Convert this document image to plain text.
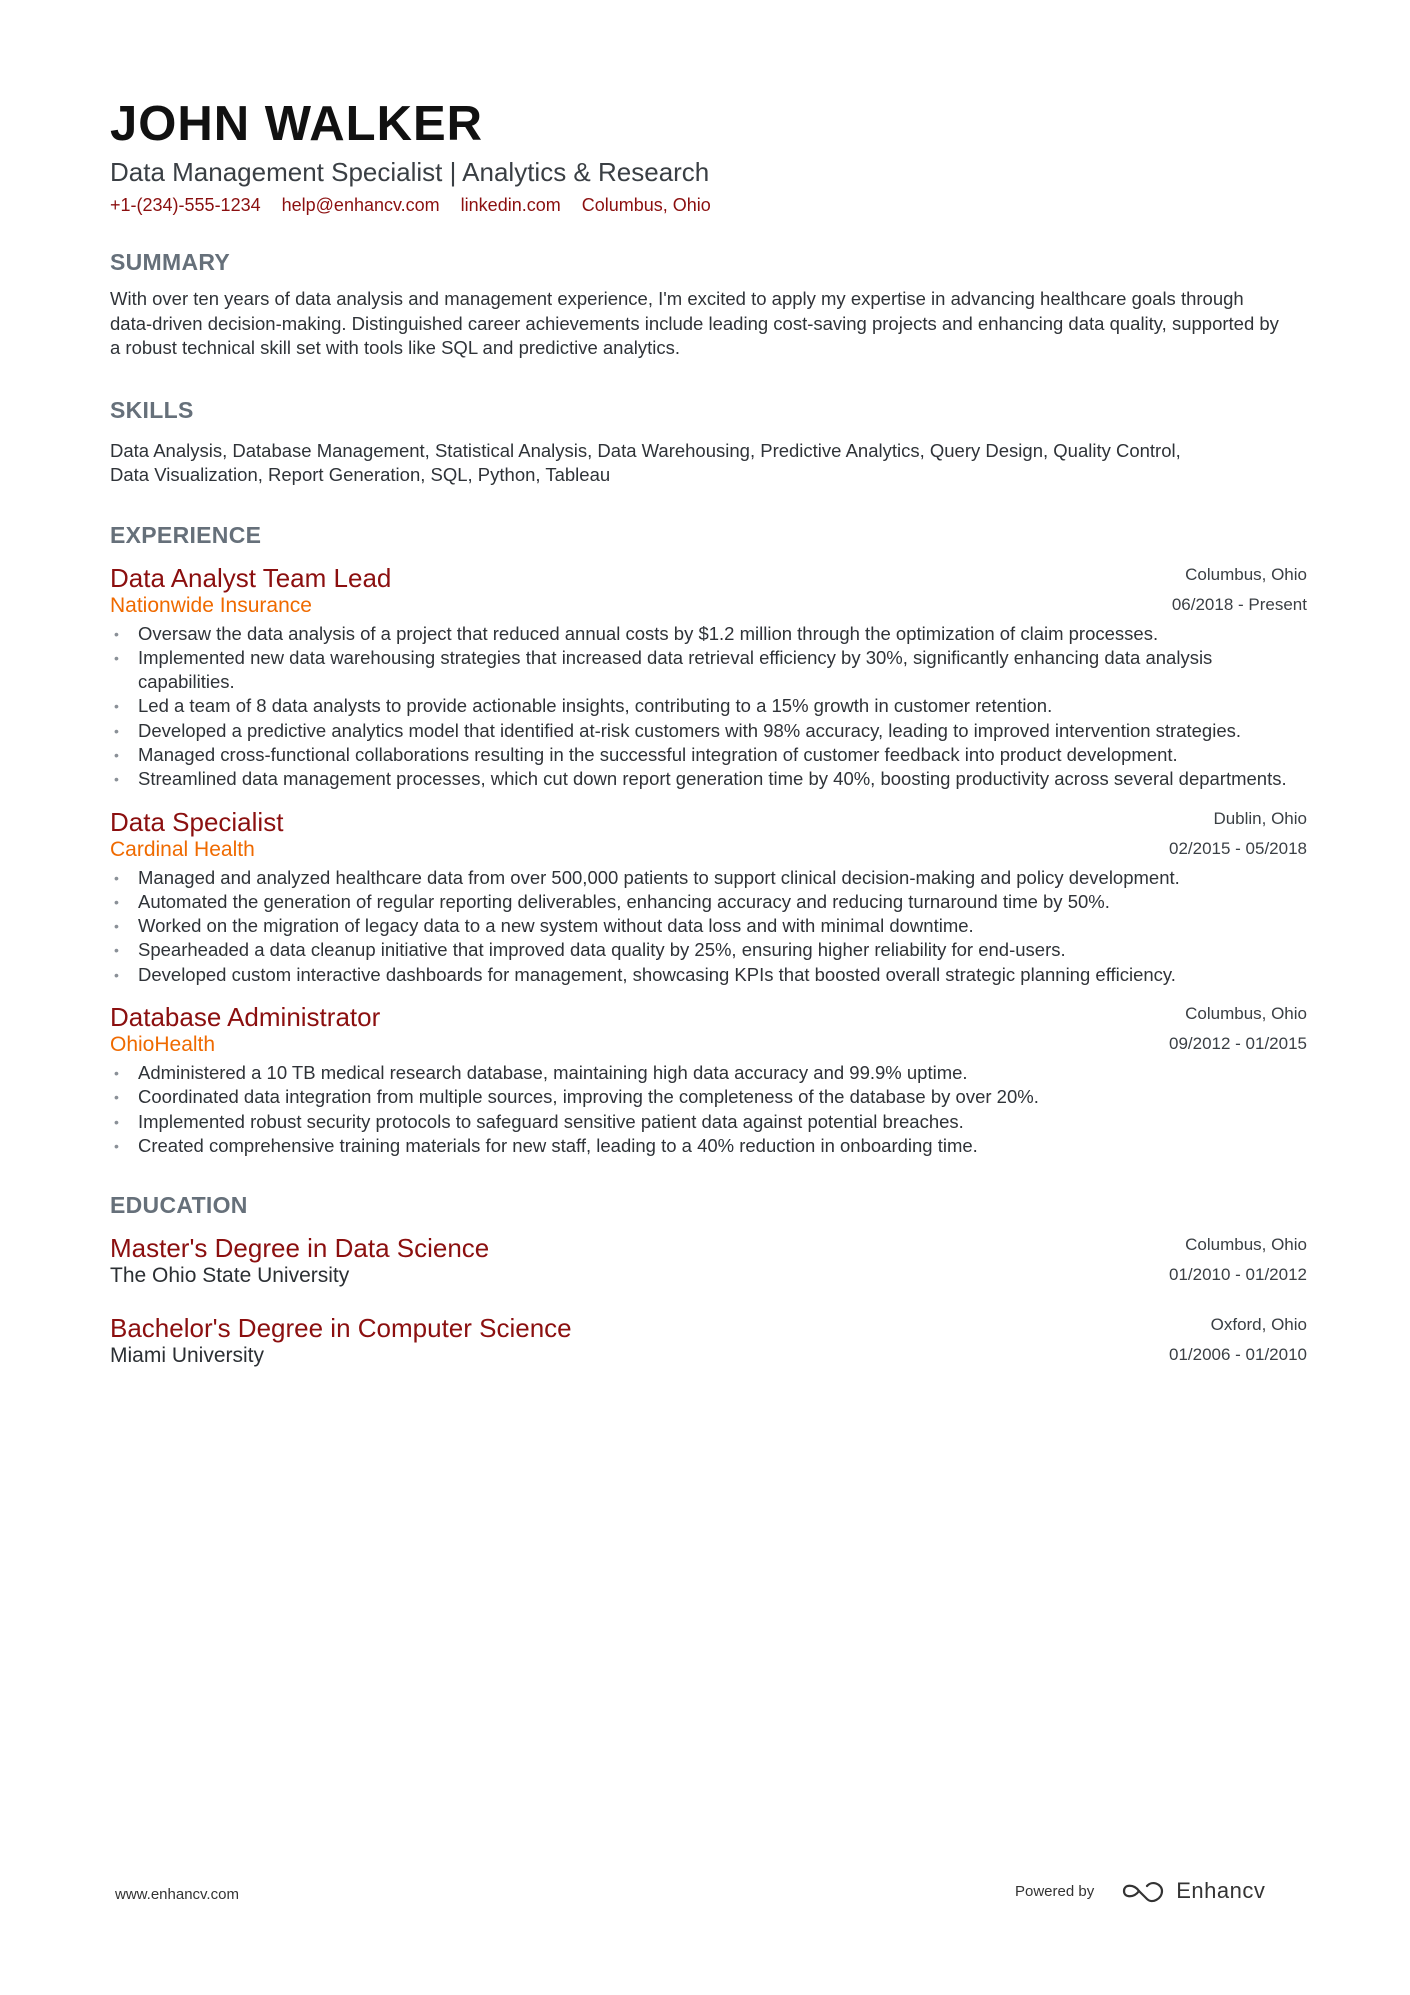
JOHN WALKER
Data Management Specialist | Analytics & Research
+1-(234)-555-1234 help@enhancv.com linkedin.com Columbus, Ohio
SUMMARY
With over ten years of data analysis and management experience, I'm excited to apply my expertise in advancing healthcare goals through data-driven decision-making. Distinguished career achievements include leading cost-saving projects and enhancing data quality, supported by a robust technical skill set with tools like SQL and predictive analytics.
SKILLS
Data Analysis, Database Management, Statistical Analysis, Data Warehousing, Predictive Analytics, Query Design, Quality Control, Data Visualization, Report Generation, SQL, Python, Tableau
EXPERIENCE
Data Analyst Team Lead
Nationwide Insurance
Columbus, Ohio
06/2018 - Present
• Oversaw the data analysis of a project that reduced annual costs by $1.2 million through the optimization of claim processes.
• Implemented new data warehousing strategies that increased data retrieval efficiency by 30%, significantly enhancing data analysis capabilities.
• Led a team of 8 data analysts to provide actionable insights, contributing to a 15% growth in customer retention.
• Developed a predictive analytics model that identified at-risk customers with 98% accuracy, leading to improved intervention strategies.
• Managed cross-functional collaborations resulting in the successful integration of customer feedback into product development.
• Streamlined data management processes, which cut down report generation time by 40%, boosting productivity across several departments.
Data Specialist
Cardinal Health
Dublin, Ohio
02/2015 - 05/2018
• Managed and analyzed healthcare data from over 500,000 patients to support clinical decision-making and policy development.
• Automated the generation of regular reporting deliverables, enhancing accuracy and reducing turnaround time by 50%.
• Worked on the migration of legacy data to a new system without data loss and with minimal downtime.
• Spearheaded a data cleanup initiative that improved data quality by 25%, ensuring higher reliability for end-users.
• Developed custom interactive dashboards for management, showcasing KPIs that boosted overall strategic planning efficiency.
Database Administrator
OhioHealth
Columbus, Ohio
09/2012 - 01/2015
• Administered a 10 TB medical research database, maintaining high data accuracy and 99.9% uptime.
• Coordinated data integration from multiple sources, improving the completeness of the database by over 20%.
• Implemented robust security protocols to safeguard sensitive patient data against potential breaches.
• Created comprehensive training materials for new staff, leading to a 40% reduction in onboarding time.
EDUCATION
Master's Degree in Data Science
The Ohio State University
Columbus, Ohio
01/2010 - 01/2012
Bachelor's Degree in Computer Science
Miami University
Oxford, Ohio
01/2006 - 01/2010
www.enhancv.com	Powered by	Enhancv
